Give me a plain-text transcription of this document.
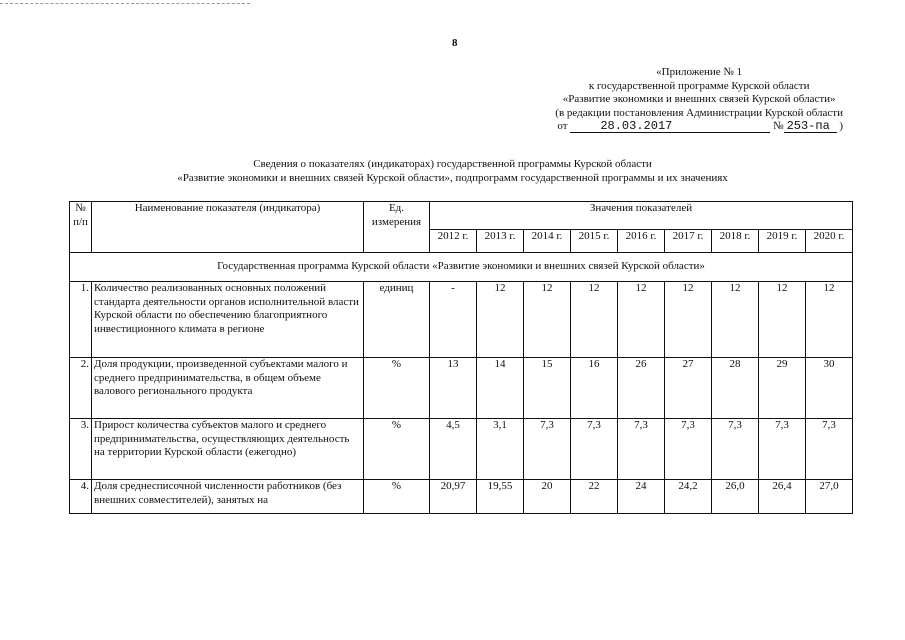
8
«Приложение № 1
к государственной программе Курской области
«Развитие экономики и внешних связей Курской области»
(в редакции постановления Администрации Курской области
от	28.03.2017	№ 253-па )
Сведения о показателях (индикаторах) государственной программы Курской области
«Развитие экономики и внешних связей Курской области», подпрограмм государственной программы и их значениях
№ п/п	Наименование показателя (индикатора)	Ед. измерения	Значения показателей								
			2012 г.	2013 г.	2014 г.	2015 г.	2016 г.	2017 г.	2018 г.	2019 г.	2020 г.
Государственная программа Курской области «Развитие экономики и внешних связей Курской области»											
1.	Количество реализованных основных положений стандарта деятельности органов исполнительной власти Курской области по обеспечению благоприятного инвестиционного климата в регионе	единиц	-	12	12	12	12	12	12	12	12
2.	Доля продукции, произведенной субъектами малого и среднего предпринимательства, в общем объеме валового регионального продукта	%	13	14	15	16	26	27	28	29	30
3.	Прирост количества субъектов малого и среднего предпринимательства, осуществляющих деятельность на территории Курской области (ежегодно)	%	4,5	3,1	7,3	7,3	7,3	7,3	7,3	7,3	7,3
4.	Доля среднесписочной численности работников (без внешних совместителей), занятых на	%	20,97	19,55	20	22	24	24,2	26,0	26,4	27,0
